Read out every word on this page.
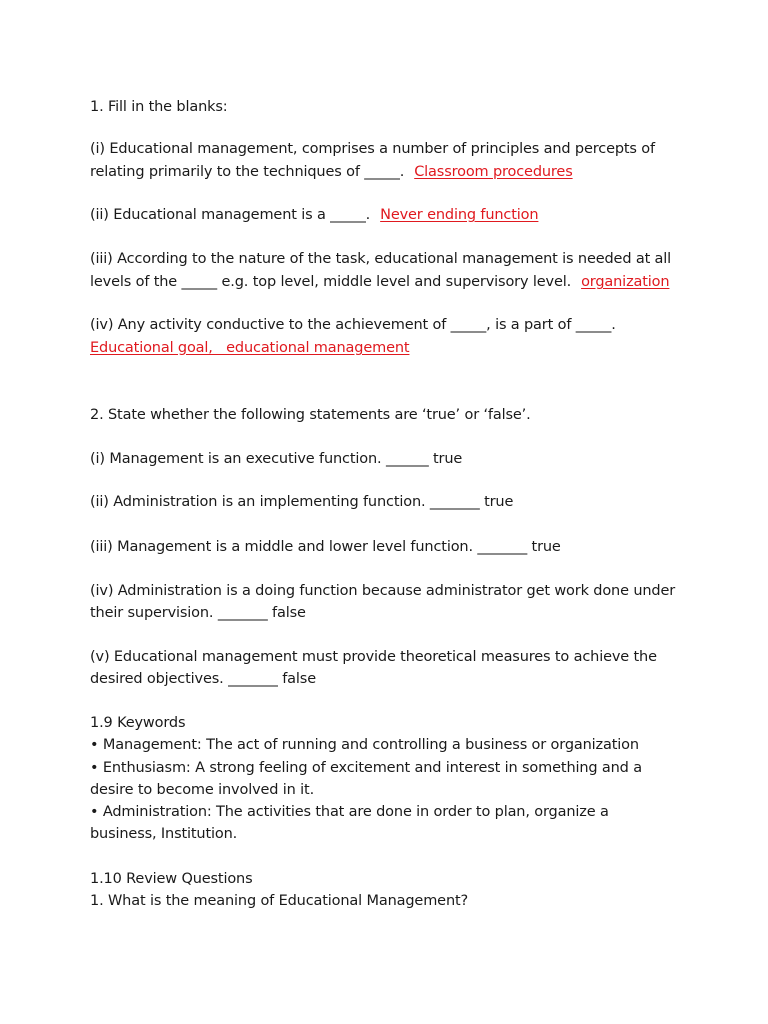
1. Fill in the blanks:
(i) Educational management, comprises a number of principles and percepts of
relating primarily to the techniques of _____. Classroom procedures
(ii) Educational management is a _____. Never ending function
(iii) According to the nature of the task, educational management is needed at all
levels of the _____ e.g. top level, middle level and supervisory level. organization
(iv) Any activity conductive to the achievement of _____, is a part of _____.
Educational goal,   educational management
2. State whether the following statements are ‘true’ or ‘false’.
(i) Management is an executive function. ______ true
(ii) Administration is an implementing function. _______ true
(iii) Management is a middle and lower level function. _______ true
(iv) Administration is a doing function because administrator get work done under
their supervision. _______ false
(v) Educational management must provide theoretical measures to achieve the
desired objectives. _______ false
1.9 Keywords
• Management: The act of running and controlling a business or organization
• Enthusiasm: A strong feeling of excitement and interest in something and a
desire to become involved in it.
• Administration: The activities that are done in order to plan, organize a
business, Institution.
1.10 Review Questions
1. What is the meaning of Educational Management?
